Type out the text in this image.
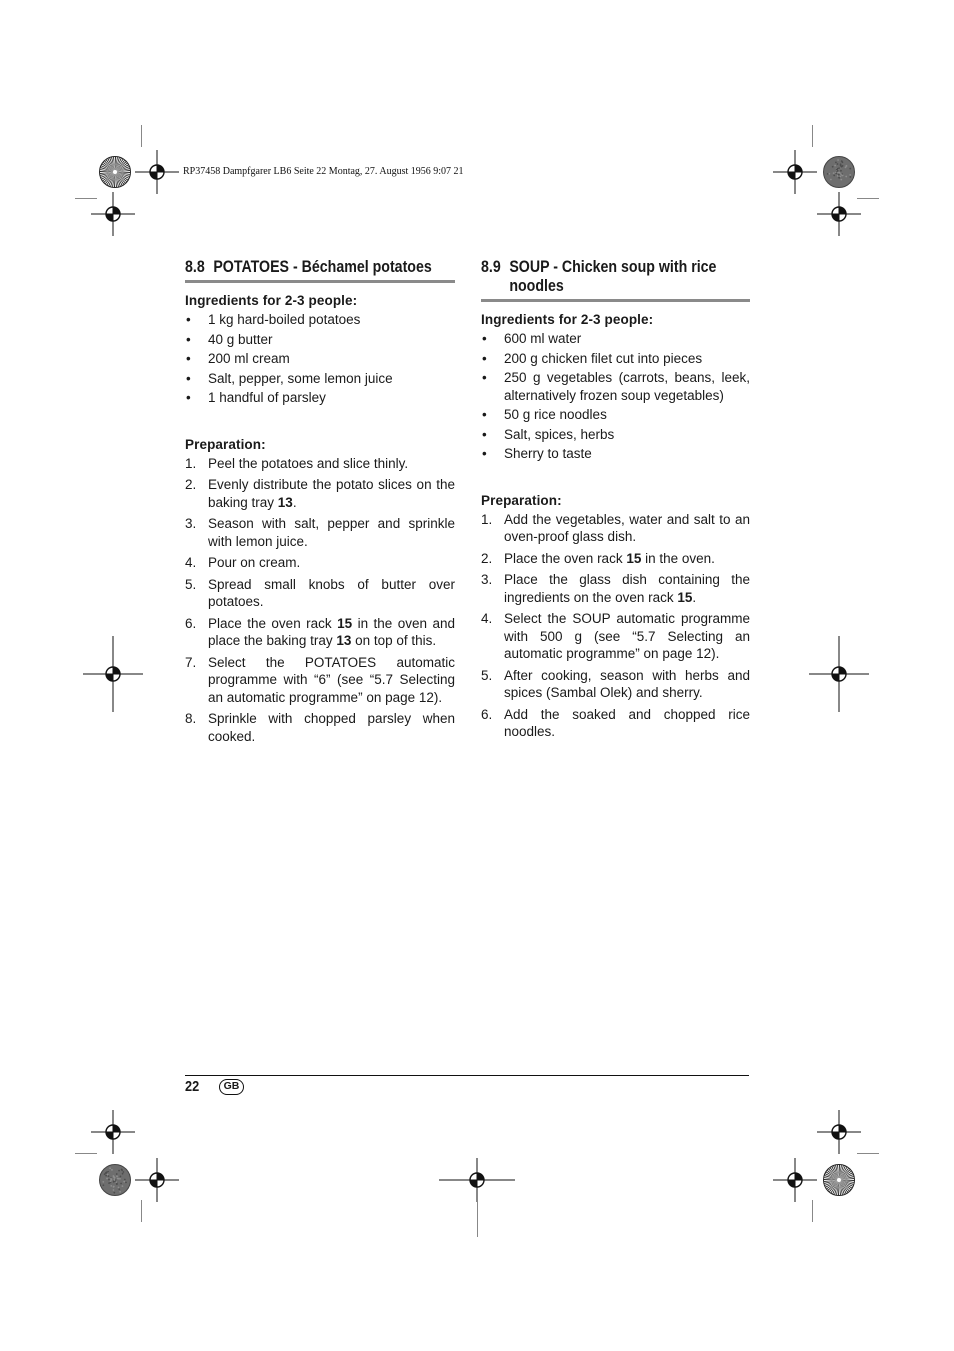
RP37458 Dampfgarer LB6 Seite 22 Montag, 27. August 1956 9:07 21
8.8 POTATOES - Béchamel potatoes
Ingredients for 2-3 people:
• 1 kg hard-boiled potatoes
• 40 g butter
• 200 ml cream
• Salt, pepper, some lemon juice
• 1 handful of parsley
Preparation:
1. Peel the potatoes and slice thinly.
2. Evenly distribute the potato slices on the baking tray 13.
3. Season with salt, pepper and sprinkle with lemon juice.
4. Pour on cream.
5. Spread small knobs of butter over potatoes.
6. Place the oven rack 15 in the oven and place the baking tray 13 on top of this.
7. Select the POTATOES automatic programme with “6” (see “5.7 Selecting an automatic programme” on page 12).
8. Sprinkle with chopped parsley when cooked.
8.9 SOUP - Chicken soup with rice noodles
Ingredients for 2-3 people:
• 600 ml water
• 200 g chicken filet cut into pieces
• 250 g vegetables (carrots, beans, leek, alternatively frozen soup vegetables)
• 50 g rice noodles
• Salt, spices, herbs
• Sherry to taste
Preparation:
1. Add the vegetables, water and salt to an oven-proof glass dish.
2. Place the oven rack 15 in the oven.
3. Place the glass dish containing the ingredients on the oven rack 15.
4. Select the SOUP automatic programme with 500 g (see “5.7 Selecting an automatic programme” on page 12).
5. After cooking, season with herbs and spices (Sambal Olek) and sherry.
6. Add the soaked and chopped rice noodles.
22	GB
